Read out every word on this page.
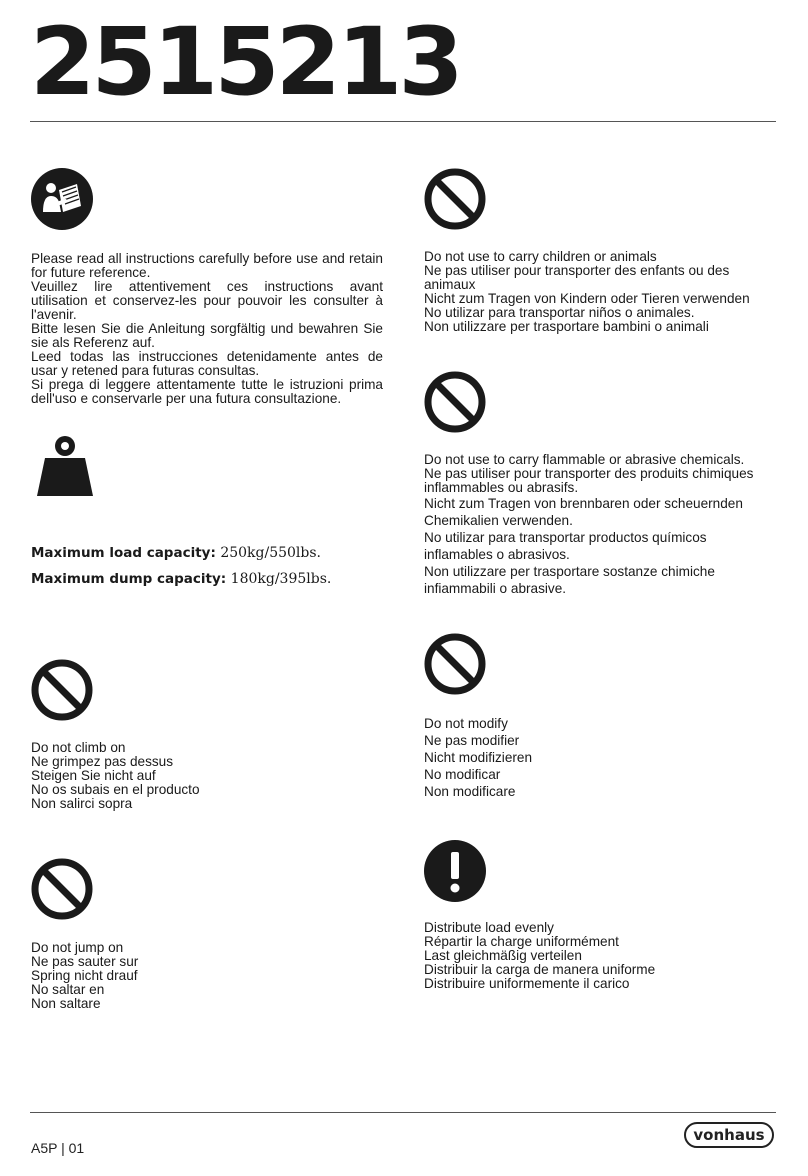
2515213
Please read all instructions carefully before use and retain
for future reference.
Veuillez lire attentivement ces instructions avant
utilisation et conservez-les pour pouvoir les consulter à
l'avenir.
Bitte lesen Sie die Anleitung sorgfältig und bewahren Sie
sie als Referenz auf.
Leed todas las instrucciones detenidamente antes de
usar y retened para futuras consultas.
Si prega di leggere attentamente tutte le istruzioni prima
dell'uso e conservarle per una futura consultazione.
Maximum load capacity: 250kg/550lbs.
Maximum dump capacity: 180kg/395lbs.
Do not climb on
Ne grimpez pas dessus
Steigen Sie nicht auf
No os subais en el producto
Non salirci sopra
Do not jump on
Ne pas sauter sur
Spring nicht drauf
No saltar en
Non saltare
Do not use to carry children or animals
Ne pas utiliser pour transporter des enfants ou des
animaux
Nicht zum Tragen von Kindern oder Tieren verwenden
No utilizar para transportar niños o animales.
Non utilizzare per trasportare bambini o animali
Do not use to carry flammable or abrasive chemicals.
Ne pas utiliser pour transporter des produits chimiques
inflammables ou abrasifs.
Nicht zum Tragen von brennbaren oder scheuernden
Chemikalien verwenden.
No utilizar para transportar productos químicos
inflamables o abrasivos.
Non utilizzare per trasportare sostanze chimiche
infiammabili o abrasive.
Do not modify
Ne pas modifier
Nicht modifizieren
No modificar
Non modificare
Distribute load evenly
Répartir la charge uniformément
Last gleichmäßig verteilen
Distribuir la carga de manera uniforme
Distribuire uniformemente il carico
A5P | 01
vonhaus
